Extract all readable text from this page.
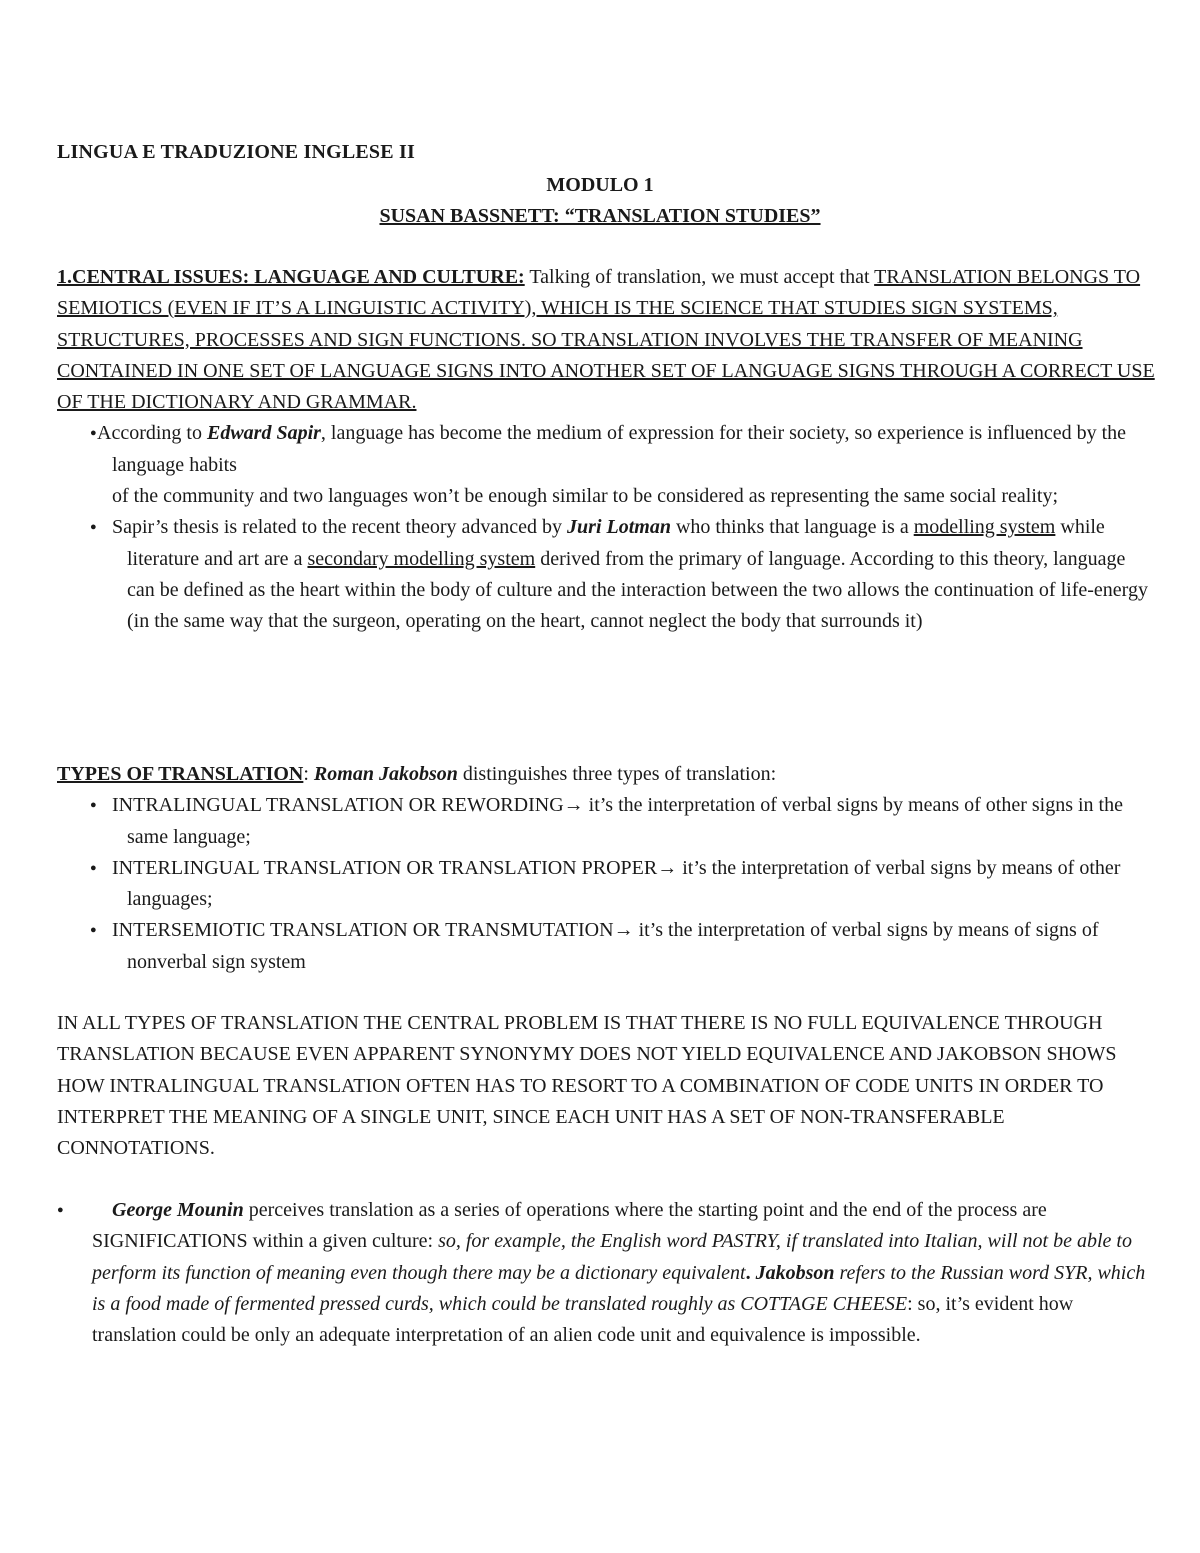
LINGUA E TRADUZIONE INGLESE II
MODULO 1
SUSAN BASSNETT: “TRANSLATION STUDIES”

1.CENTRAL ISSUES: LANGUAGE AND CULTURE: Talking of translation, we must accept that TRANSLATION BELONGS TO SEMIOTICS (EVEN IF IT’S A LINGUISTIC ACTIVITY), WHICH IS THE SCIENCE THAT STUDIES SIGN SYSTEMS, STRUCTURES, PROCESSES AND SIGN FUNCTIONS. SO TRANSLATION INVOLVES THE TRANSFER OF MEANING CONTAINED IN ONE SET OF LANGUAGE SIGNS INTO ANOTHER SET OF LANGUAGE SIGNS THROUGH A CORRECT USE OF THE DICTIONARY AND GRAMMAR.

● According to Edward Sapir, language has become the medium of expression for their society, so experience is influenced by the language habits

of the community and two languages won’t be enough similar to be considered as representing the same social reality;

● Sapir’s thesis is related to the recent theory advanced by Juri Lotman who thinks that language is a modelling system while literature and art are a secondary modelling system derived from the primary of language. According to this theory, language can be defined as the heart within the body of culture and the interaction between the two allows the continuation of life-energy (in the same way that the surgeon, operating on the heart, cannot neglect the body that surrounds it)

TYPES OF TRANSLATION: Roman Jakobson distinguishes three types of translation:

● INTRALINGUAL TRANSLATION OR REWORDING→ it’s the interpretation of verbal signs by means of other signs in the same language;
● INTERLINGUAL TRANSLATION OR TRANSLATION PROPER→ it’s the interpretation of verbal signs by means of other languages;
● INTERSEMIOTIC TRANSLATION OR TRANSMUTATION→ it’s the interpretation of verbal signs by means of signs of nonverbal sign system

IN ALL TYPES OF TRANSLATION THE CENTRAL PROBLEM IS THAT THERE IS NO FULL EQUIVALENCE THROUGH TRANSLATION BECAUSE EVEN APPARENT SYNONYMY DOES NOT YIELD EQUIVALENCE AND JAKOBSON SHOWS HOW INTRALINGUAL TRANSLATION OFTEN HAS TO RESORT TO A COMBINATION OF CODE UNITS IN ORDER TO INTERPRET THE MEANING OF A SINGLE UNIT, SINCE EACH UNIT HAS A SET OF NON-TRANSFERABLE CONNOTATIONS.

● George Mounin perceives translation as a series of operations where the starting point and the end of the process are SIGNIFICATIONS within a given culture: so, for example, the English word PASTRY, if translated into Italian, will not be able to perform its function of meaning even though there may be a dictionary equivalent. Jakobson refers to the Russian word SYR, which is a food made of fermented pressed curds, which could be translated roughly as COTTAGE CHEESE: so, it’s evident how translation could be only an adequate interpretation of an alien code unit and equivalence is impossible.
